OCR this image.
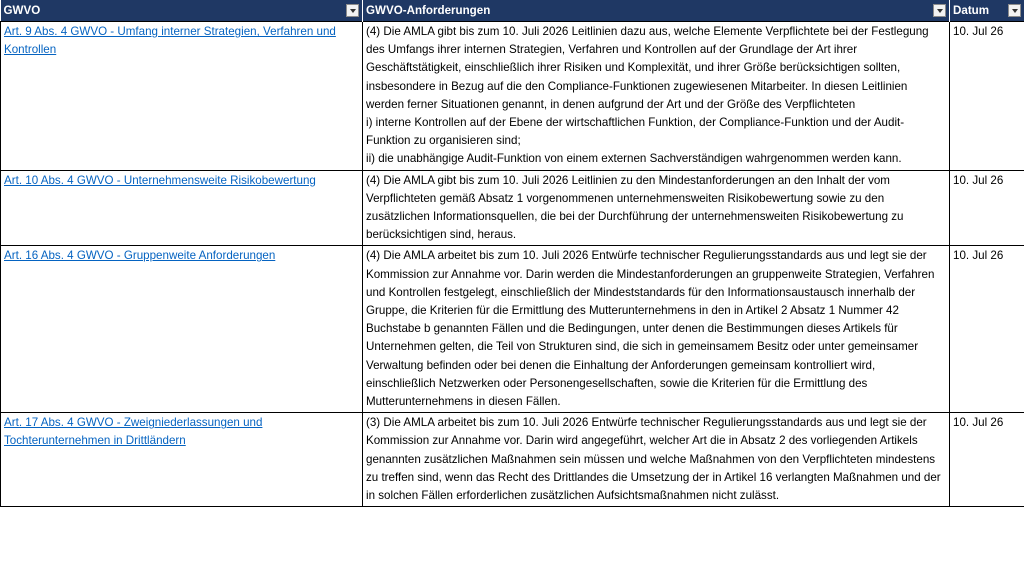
GWVO	GWVO-Anforderungen	Datum

Art. 9 Abs. 4 GWVO - Umfang interner Strategien, Verfahren und Kontrollen	(4) Die AMLA gibt bis zum 10. Juli 2026 Leitlinien dazu aus, welche Elemente Verpflichtete bei der Festlegung des Umfangs ihrer internen Strategien, Verfahren und Kontrollen auf der Grundlage der Art ihrer Geschäftstätigkeit, einschließlich ihrer Risiken und Komplexität, und ihrer Größe berücksichtigen sollten, insbesondere in Bezug auf die den Compliance-Funktionen zugewiesenen Mitarbeiter. In diesen Leitlinien werden ferner Situationen genannt, in denen aufgrund der Art und der Größe des Verpflichteten

i) interne Kontrollen auf der Ebene der wirtschaftlichen Funktion, der Compliance-Funktion und der Audit-Funktion zu organisieren sind;

ii) die unabhängige Audit-Funktion von einem externen Sachverständigen wahrgenommen werden kann.	10. Jul 26
Art. 10 Abs. 4 GWVO - Unternehmensweite Risikobewertung	(4) Die AMLA gibt bis zum 10. Juli 2026 Leitlinien zu den Mindestanforderungen an den Inhalt der vom Verpflichteten gemäß Absatz 1 vorgenommenen unternehmensweiten Risikobewertung sowie zu den zusätzlichen Informationsquellen, die bei der Durchführung der unternehmensweiten Risikobewertung zu berücksichtigen sind, heraus.	10. Jul 26
Art. 16 Abs. 4 GWVO - Gruppenweite Anforderungen	(4) Die AMLA arbeitet bis zum 10. Juli 2026 Entwürfe technischer Regulierungsstandards aus und legt sie der Kommission zur Annahme vor. Darin werden die Mindestanforderungen an gruppenweite Strategien, Verfahren und Kontrollen festgelegt, einschließlich der Mindeststandards für den Informationsaustausch innerhalb der Gruppe, die Kriterien für die Ermittlung des Mutterunternehmens in den in Artikel 2 Absatz 1 Nummer 42 Buchstabe b genannten Fällen und die Bedingungen, unter denen die Bestimmungen dieses Artikels für Unternehmen gelten, die Teil von Strukturen sind, die sich in gemeinsamem Besitz oder unter gemeinsamer Verwaltung befinden oder bei denen die Einhaltung der Anforderungen gemeinsam kontrolliert wird, einschließlich Netzwerken oder Personengesellschaften, sowie die Kriterien für die Ermittlung des Mutterunternehmens in diesen Fällen.	10. Jul 26
Art. 17 Abs. 4 GWVO - Zweigniederlassungen und Tochterunternehmen in Drittländern	(3) Die AMLA arbeitet bis zum 10. Juli 2026 Entwürfe technischer Regulierungsstandards aus und legt sie der Kommission zur Annahme vor. Darin wird angegeführt, welcher Art die in Absatz 2 des vorliegenden Artikels genannten zusätzlichen Maßnahmen sein müssen und welche Maßnahmen von den Verpflichteten mindestens zu treffen sind, wenn das Recht des Drittlandes die Umsetzung der in Artikel 16 verlangten Maßnahmen und der in solchen Fällen erforderlichen zusätzlichen Aufsichtsmaßnahmen nicht zulässt.	10. Jul 26
